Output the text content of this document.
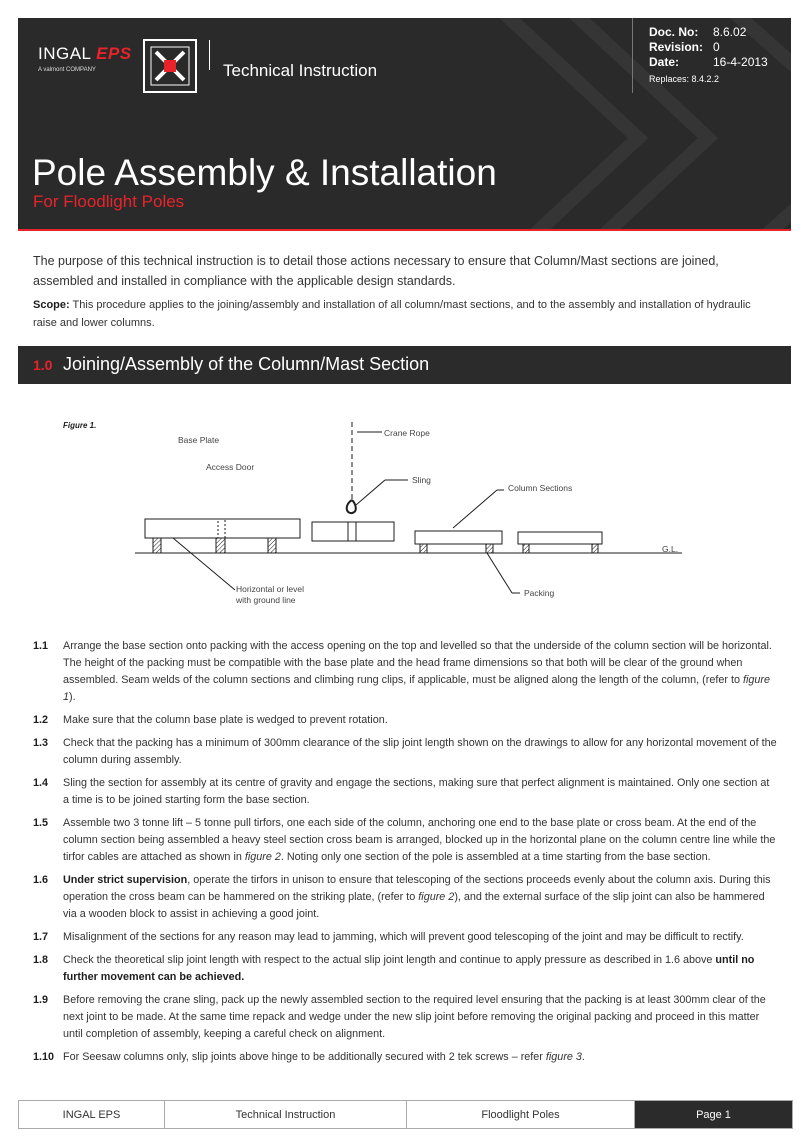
INGAL EPS
A valmont COMPANY	Technical Instruction
Doc. No: 8.6.02
Revision: 0
Date:	16-4-2013
Replaces: 8.4.2.2
Pole Assembly & Installation
For Floodlight Poles
The purpose of this technical instruction is to detail those actions necessary to ensure that Column/Mast sections are joined, assembled and installed in compliance with the applicable design standards.
Scope: This procedure applies to the joining/assembly and installation of all column/mast sections, and to the assembly and installation of hydraulic raise and lower columns.
1.0 Joining/Assembly of the Column/Mast Section
Figure 1.
Base Plate
Access Door
Crane Rope
Sling
Column Sections
G.L.
Horizontal or level
with ground line
Packing
1.1 Arrange the base section onto packing with the access opening on the top and levelled so that the underside of the column section will be horizontal. The height of the packing must be compatible with the base plate and the head frame dimensions so that both will be clear of the ground when assembled. Seam welds of the column sections and climbing rung clips, if applicable, must be aligned along the length of the column, (refer to figure 1).
1.2 Make sure that the column base plate is wedged to prevent rotation.
1.3 Check that the packing has a minimum of 300mm clearance of the slip joint length shown on the drawings to allow for any horizontal movement of the column during assembly.
1.4 Sling the section for assembly at its centre of gravity and engage the sections, making sure that perfect alignment is maintained. Only one section at a time is to be joined starting form the base section.
1.5 Assemble two 3 tonne lift – 5 tonne pull tirfors, one each side of the column, anchoring one end to the base plate or cross beam. At the end of the column section being assembled a heavy steel section cross beam is arranged, blocked up in the horizontal plane on the column centre line while the tirfor cables are attached as shown in figure 2. Noting only one section of the pole is assembled at a time starting from the base section.
1.6 Under strict supervision, operate the tirfors in unison to ensure that telescoping of the sections proceeds evenly about the column axis. During this operation the cross beam can be hammered on the striking plate, (refer to figure 2), and the external surface of the slip joint can also be hammered via a wooden block to assist in achieving a good joint.
1.7 Misalignment of the sections for any reason may lead to jamming, which will prevent good telescoping of the joint and may be difficult to rectify.
1.8 Check the theoretical slip joint length with respect to the actual slip joint length and continue to apply pressure as described in 1.6 above until no further movement can be achieved.
1.9 Before removing the crane sling, pack up the newly assembled section to the required level ensuring that the packing is at least 300mm clear of the next joint to be made. At the same time repack and wedge under the new slip joint before removing the original packing and proceed in this matter until completion of assembly, keeping a careful check on alignment.
1.10 For Seesaw columns only, slip joints above hinge to be additionally secured with 2 tek screws – refer figure 3.
INGAL EPS	Technical Instruction	Floodlight Poles	Page 1
